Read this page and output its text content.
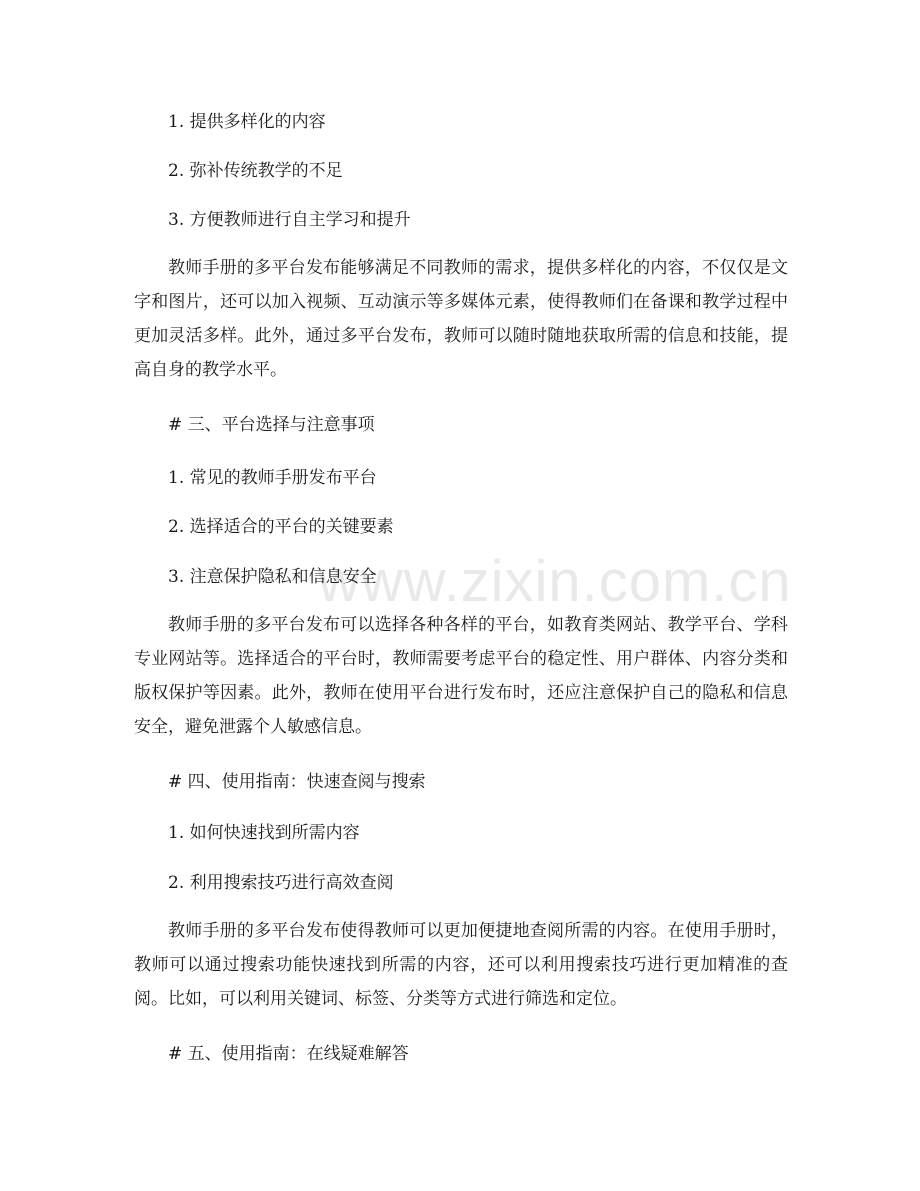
www.zixin.com.cn
1. 提供多样化的内容
2. 弥补传统教学的不足
3. 方便教师进行自主学习和提升
教师手册的多平台发布能够满足不同教师的需求，提供多样化的内容，不仅仅是文字和图片，还可以加入视频、互动演示等多媒体元素，使得教师们在备课和教学过程中更加灵活多样。此外，通过多平台发布，教师可以随时随地获取所需的信息和技能，提高自身的教学水平。
# 三、平台选择与注意事项
1. 常见的教师手册发布平台
2. 选择适合的平台的关键要素
3. 注意保护隐私和信息安全
教师手册的多平台发布可以选择各种各样的平台，如教育类网站、教学平台、学科专业网站等。选择适合的平台时，教师需要考虑平台的稳定性、用户群体、内容分类和版权保护等因素。此外，教师在使用平台进行发布时，还应注意保护自己的隐私和信息安全，避免泄露个人敏感信息。
# 四、使用指南：快速查阅与搜索
1. 如何快速找到所需内容
2. 利用搜索技巧进行高效查阅
教师手册的多平台发布使得教师可以更加便捷地查阅所需的内容。在使用手册时，教师可以通过搜索功能快速找到所需的内容，还可以利用搜索技巧进行更加精准的查阅。比如，可以利用关键词、标签、分类等方式进行筛选和定位。
# 五、使用指南：在线疑难解答
